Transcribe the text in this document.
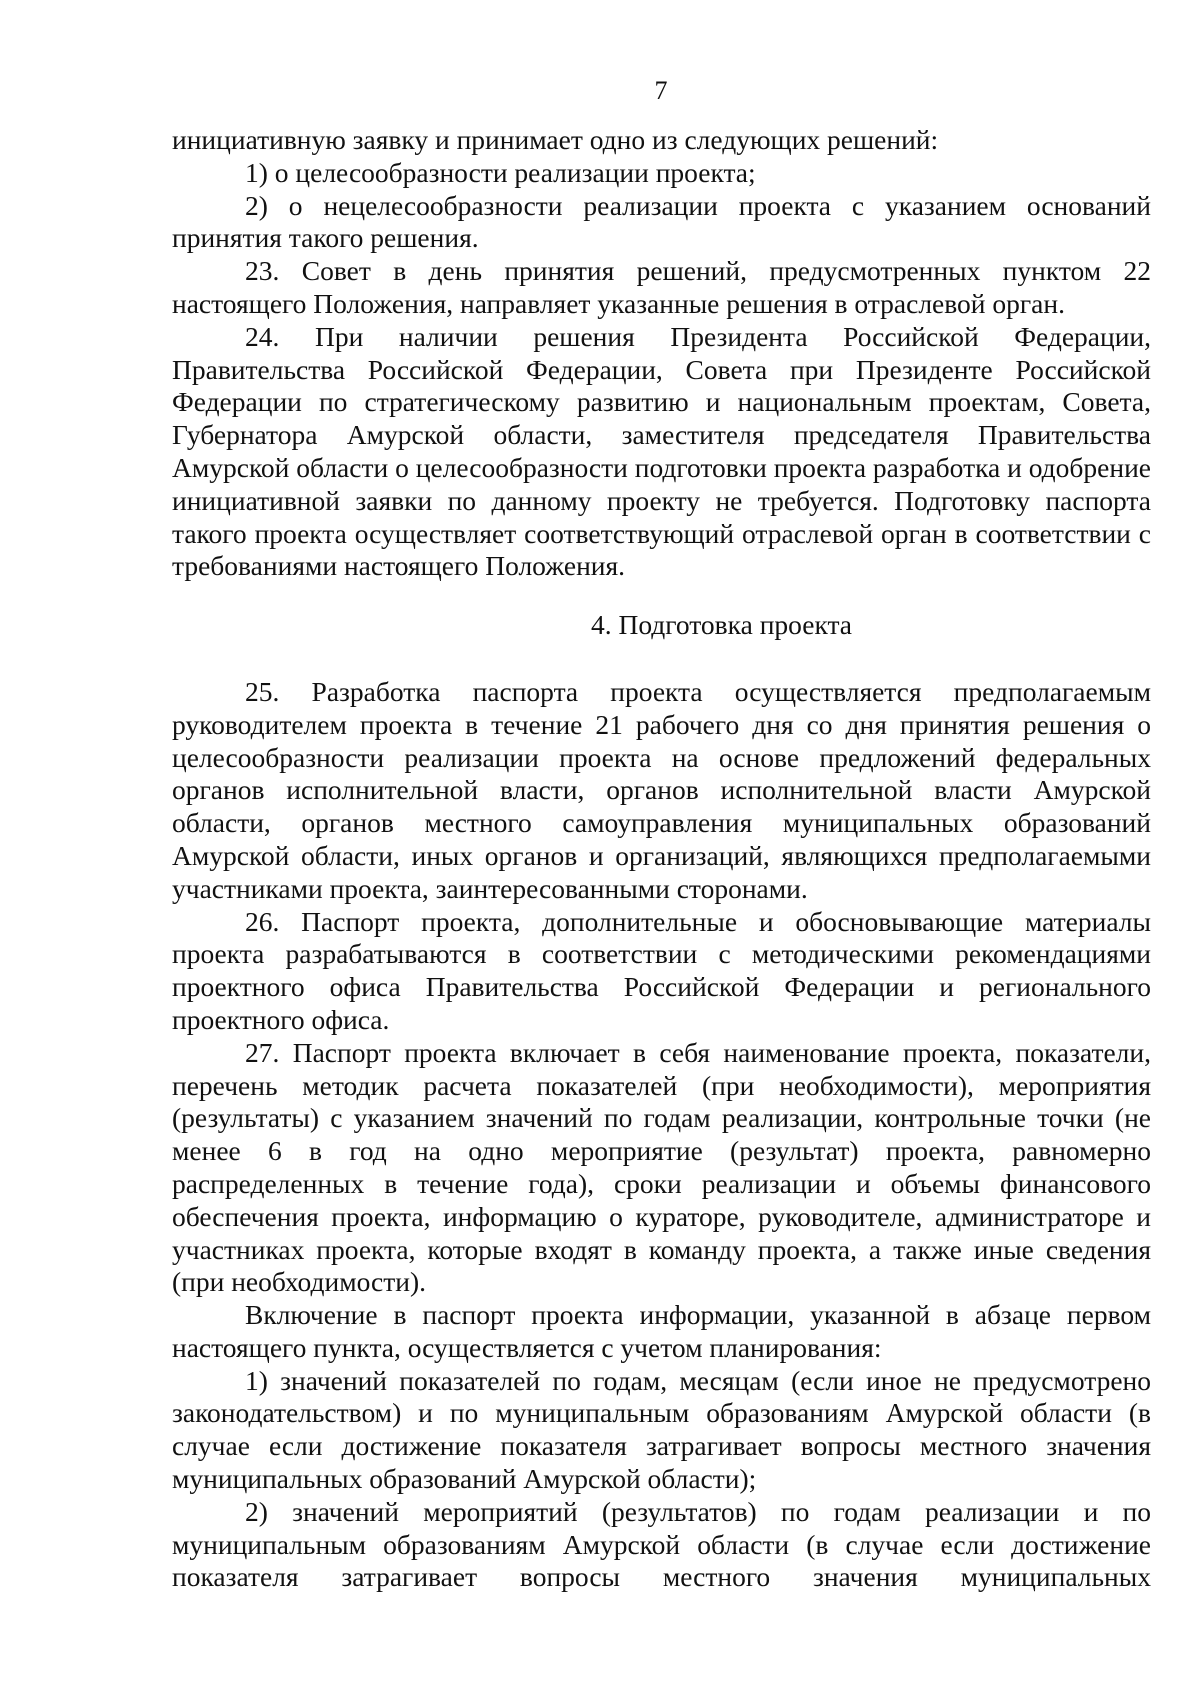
7

инициативную заявку и принимает одно из следующих решений:

1) о целесообразности реализации проекта;

2) о нецелесообразности реализации проекта с указанием оснований принятия такого решения.

23. Совет в день принятия решений, предусмотренных пунктом 22 настоящего Положения, направляет указанные решения в отраслевой орган.

24. При наличии решения Президента Российской Федерации, Правительства Российской Федерации, Совета при Президенте Российской Федерации по стратегическому развитию и национальным проектам, Совета, Губернатора Амурской области, заместителя председателя Правительства Амурской области о целесообразности подготовки проекта разработка и одобрение инициативной заявки по данному проекту не требуется. Подготовку паспорта такого проекта осуществляет соответствующий отраслевой орган в соответствии с требованиями настоящего Положения.

4. Подготовка проекта

25. Разработка паспорта проекта осуществляется предполагаемым руководителем проекта в течение 21 рабочего дня со дня принятия решения о целесообразности реализации проекта на основе предложений федеральных органов исполнительной власти, органов исполнительной власти Амурской области, органов местного самоуправления муниципальных образований Амурской области, иных органов и организаций, являющихся предполагаемыми участниками проекта, заинтересованными сторонами.

26. Паспорт проекта, дополнительные и обосновывающие материалы проекта разрабатываются в соответствии с методическими рекомендациями проектного офиса Правительства Российской Федерации и регионального проектного офиса.

27. Паспорт проекта включает в себя наименование проекта, показатели, перечень методик расчета показателей (при необходимости), мероприятия (результаты) с указанием значений по годам реализации, контрольные точки (не менее 6 в год на одно мероприятие (результат) проекта, равномерно распределенных в течение года), сроки реализации и объемы финансового обеспечения проекта, информацию о кураторе, руководителе, администраторе и участниках проекта, которые входят в команду проекта, а также иные сведения (при необходимости).

Включение в паспорт проекта информации, указанной в абзаце первом настоящего пункта, осуществляется с учетом планирования:

1) значений показателей по годам, месяцам (если иное не предусмотрено законодательством) и по муниципальным образованиям Амурской области (в случае если достижение показателя затрагивает вопросы местного значения муниципальных образований Амурской области);

2) значений мероприятий (результатов) по годам реализации и по муниципальным образованиям Амурской области (в случае если достижение показателя затрагивает вопросы местного значения муниципальных
